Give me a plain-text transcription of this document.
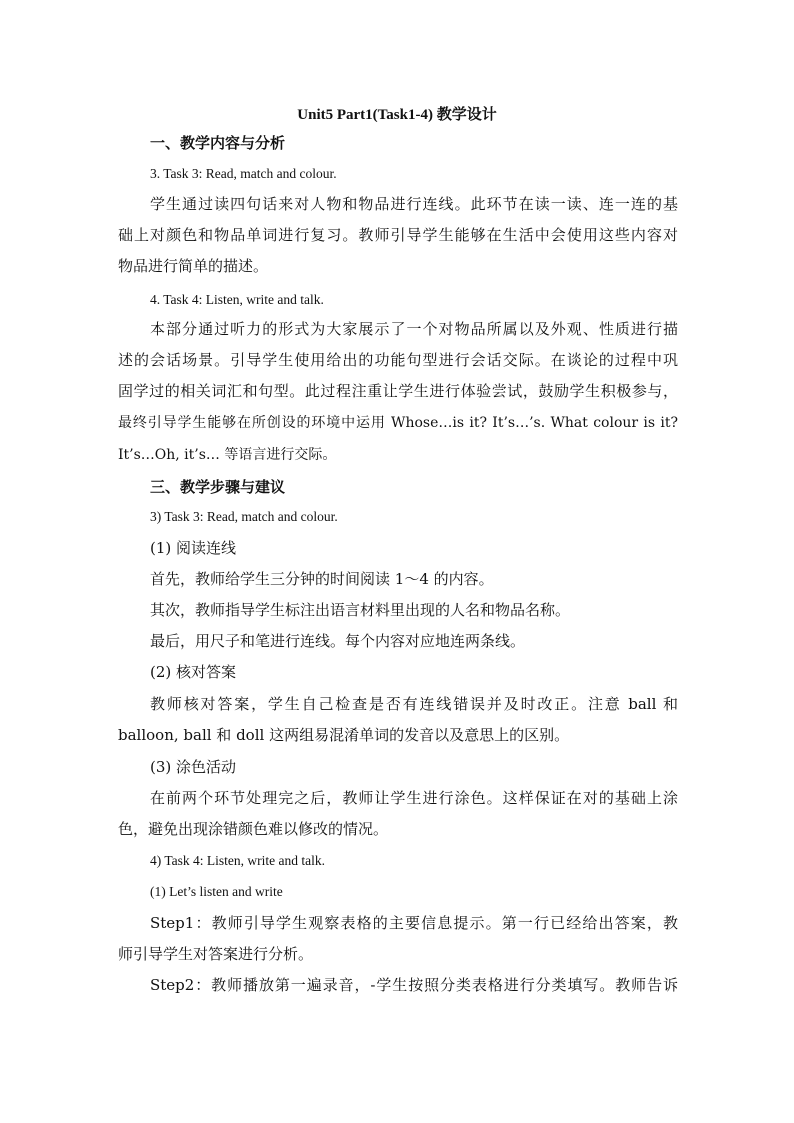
Unit5 Part1(Task1-4) 教学设计
一、教学内容与分析
3. Task 3: Read, match and colour.
学生通过读四句话来对人物和物品进行连线。此环节在读一读、连一连的基
础上对颜色和物品单词进行复习。教师引导学生能够在生活中会使用这些内容对
物品进行简单的描述。
4. Task 4: Listen, write and talk.
本部分通过听力的形式为大家展示了一个对物品所属以及外观、性质进行描
述的会话场景。引导学生使用给出的功能句型进行会话交际。在谈论的过程中巩
固学过的相关词汇和句型。此过程注重让学生进行体验尝试，鼓励学生积极参与，
最终引导学生能够在所创设的环境中运用 Whose…is it? It’s…’s. What colour is it?
It’s…Oh, it’s… 等语言进行交际。
三、教学步骤与建议
3) Task 3: Read, match and colour.
(1) 阅读连线
首先，教师给学生三分钟的时间阅读 1～4 的内容。
其次，教师指导学生标注出语言材料里出现的人名和物品名称。
最后，用尺子和笔进行连线。每个内容对应地连两条线。
(2) 核对答案
教师核对答案，学生自己检查是否有连线错误并及时改正。注意 ball 和
balloon, ball 和 doll 这两组易混淆单词的发音以及意思上的区别。
(3) 涂色活动
在前两个环节处理完之后，教师让学生进行涂色。这样保证在对的基础上涂
色，避免出现涂错颜色难以修改的情况。
4) Task 4: Listen, write and talk.
(1) Let’s listen and write
Step1：教师引导学生观察表格的主要信息提示。第一行已经给出答案，教
师引导学生对答案进行分析。
Step2：教师播放第一遍录音，-学生按照分类表格进行分类填写。教师告诉
